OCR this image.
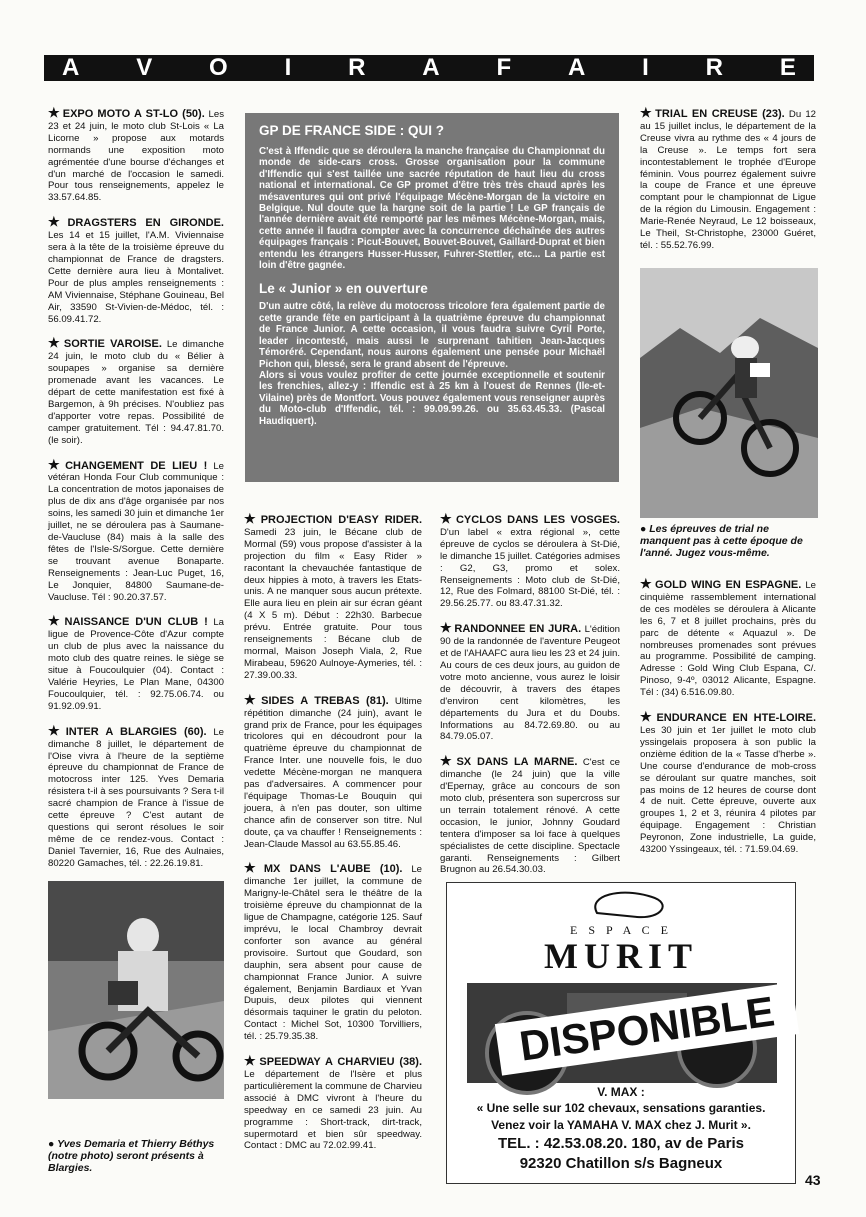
A V O I R A F A I R E
★ EXPO MOTO A ST-LO (50). Les 23 et 24 juin, le moto club St-Lois « La Licorne » propose aux motards normands une exposition moto agrémentée d'une bourse d'échanges et d'un marché de l'occasion le samedi. Pour tous renseignements, appelez le 33.57.64.85.
★ DRAGSTERS EN GIRONDE. Les 14 et 15 juillet, l'A.M. Viviennaise sera à la tête de la troisième épreuve du championnat de France de dragsters. Cette dernière aura lieu à Montalivet. Pour de plus amples renseignements : AM Viviennaise, Stéphane Gouineau, Bel Air, 33590 St-Vivien-de-Médoc, tél. : 56.09.41.72.
★ SORTIE VAROISE. Le dimanche 24 juin, le moto club du « Bélier à soupapes » organise sa dernière promenade avant les vacances. Le départ de cette manifestation est fixé à Bargemon, à 9h précises. N'oubliez pas d'apporter votre repas. Possibilité de camper gratuitement. Tél : 94.47.81.70. (le soir).
★ CHANGEMENT DE LIEU ! Le vétéran Honda Four Club communique : La concentration de motos japonaises de plus de dix ans d'âge organisée par nos soins, les samedi 30 juin et dimanche 1er juillet, ne se déroulera pas à Saumane-de-Vaucluse (84) mais à la salle des fêtes de l'Isle-S/Sorgue. Cette dernière se trouvant avenue Bonaparte. Renseignements : Jean-Luc Puget, 16, Le Jonquier, 84800 Saumane-de-Vaucluse. Tél : 90.20.37.57.
★ NAISSANCE D'UN CLUB ! La ligue de Provence-Côte d'Azur compte un club de plus avec la naissance du moto club des quatre reines. le siège se situe à Foucoulquier (04). Contact : Valérie Heyries, Le Plan Mane, 04300 Foucoulquier, tél. : 92.75.06.74. ou 91.92.09.91.
★ INTER A BLARGIES (60). Le dimanche 8 juillet, le département de l'Oise vivra à l'heure de la septième épreuve du championnat de France de motocross inter 125. Yves Demaria résistera t-il à ses poursuivants ? Sera t-il sacré champion de France à l'issue de cette épreuve ? C'est autant de questions qui seront résolues le soir même de ce rendez-vous. Contact : Daniel Tavernier, 16, Rue des Aulnaies, 80220 Gamaches, tél. : 22.26.19.81.
GP DE FRANCE SIDE : QUI ?

C'est à Iffendic que se déroulera la manche française du Championnat du monde de side-cars cross. Grosse organisation pour la commune d'Iffendic qui s'est taillée une sacrée réputation de haut lieu du cross national et international. Ce GP promet d'être très très chaud après les mésaventures qui ont privé l'équipage Mécène-Morgan de la victoire en Belgique. Nul doute que la hargne soit de la partie ! Le GP français de l'année dernière avait été remporté par les mêmes Mécène-Morgan, mais, cette année il faudra compter avec la concurrence déchaînée des autres équipages français : Picut-Bouvet, Bouvet-Bouvet, Gaillard-Duprat et bien entendu les étrangers Husser-Husser, Fuhrer-Stettler, etc... La partie est loin d'être gagnée.

Le « Junior » en ouverture

D'un autre côté, la relève du motocross tricolore fera également partie de cette grande fête en participant à la quatrième épreuve du championnat de France Junior. A cette occasion, il vous faudra suivre Cyril Porte, leader incontesté, mais aussi le surprenant tahitien Jean-Jacques Témoréré. Cependant, nous aurons également une pensée pour Michaël Pichon qui, blessé, sera le grand absent de l'épreuve.
Alors si vous voulez profiter de cette journée exceptionnelle et soutenir les frenchies, allez-y : Iffendic est à 25 km à l'ouest de Rennes (Ile-et-Vilaine) près de Montfort. Vous pouvez également vous renseigner auprès du Moto-club d'Iffendic, tél. : 99.09.99.26. ou 35.63.45.33. (Pascal Haudiquert).

★ PROJECTION D'EASY RIDER. Samedi 23 juin, le Bécane club de Mormal (59) vous propose d'assister à la projection du film « Easy Rider » racontant la chevauchée fantastique de deux hippies à moto, à travers les Etats-unis. A ne manquer sous aucun prétexte. Elle aura lieu en plein air sur écran géant (4 X 5 m). Début : 22h30. Barbecue prévu. Entrée gratuite. Pour tous renseignements : Bécane club de mormal, Maison Joseph Viala, 2, Rue Mirabeau, 59620 Aulnoye-Aymeries, tél. : 27.39.00.33.
★ SIDES A TREBAS (81). Ultime répétition dimanche (24 juin), avant le grand prix de France, pour les équipages tricolores qui en découdront pour la quatrième épreuve du championnat de France Inter. une nouvelle fois, le duo vedette Mécène-morgan ne manquera pas d'adversaires. A commencer pour l'équipage Thomas-Le Bouquin qui jouera, à n'en pas douter, son ultime chance afin de conserver son titre. Nul doute, ça va chauffer ! Renseignements : Jean-Claude Massol au 63.55.85.46.
★ MX DANS L'AUBE (10). Le dimanche 1er juillet, la commune de Marigny-le-Châtel sera le théâtre de la troisième épreuve du championnat de la ligue de Champagne, catégorie 125. Sauf imprévu, le local Chambroy devrait conforter son avance au général provisoire. Surtout que Goudard, son dauphin, sera absent pour cause de championnat France Junior. A suivre également, Benjamin Bardiaux et Yvan Dupuis, deux pilotes qui viennent désormais taquiner le gratin du peloton. Contact : Michel Sot, 10300 Torvilliers, tél. : 25.79.35.38.
★ SPEEDWAY A CHARVIEU (38). Le département de l'Isère et plus particulièrement la commune de Charvieu associé à DMC vivront à l'heure du speedway en ce samedi 23 juin. Au programme : Short-track, dirt-track, supermotard et bien sûr speedway. Contact : DMC au 72.02.99.41.
★ CYCLOS DANS LES VOSGES. D'un label « extra régional », cette épreuve de cyclos se déroulera à St-Dié, le dimanche 15 juillet. Catégories admises : G2, G3, promo et solex. Renseignements : Moto club de St-Dié, 12, Rue des Folmard, 88100 St-Dié, tél. : 29.56.25.77. ou 83.47.31.32.
★ RANDONNEE EN JURA. L'édition 90 de la randonnée de l'aventure Peugeot et de l'AHAAFC aura lieu les 23 et 24 juin. Au cours de ces deux jours, au guidon de votre moto ancienne, vous aurez le loisir de découvrir, à travers des étapes d'environ cent kilomètres, les départements du Jura et du Doubs. Informations au 84.72.69.80. ou au 84.79.05.07.
★ SX DANS LA MARNE. C'est ce dimanche (le 24 juin) que la ville d'Epernay, grâce au concours de son moto club, présentera son supercross sur un terrain totalement rénové. A cette occasion, le junior, Johnny Goudard tentera d'imposer sa loi face à quelques spécialistes de cette discipline. Spectacle garanti. Renseignements : Gilbert Brugnon au 26.54.30.03.
★ TRIAL EN CREUSE (23). Du 12 au 15 juillet inclus, le département de la Creuse vivra au rythme des « 4 jours de la Creuse ». Le temps fort sera incontestablement le trophée d'Europe féminin. Vous pourrez également suivre la coupe de France et une épreuve comptant pour le championnat de Ligue de la région du Limousin. Engagement : Marie-Renée Neyraud, Le 12 boisseaux, Le Theil, St-Christophe, 23000 Guéret, tél. : 55.52.76.99.
● Les épreuves de trial ne manquent pas à cette époque de l'anné. Jugez vous-même.
★ GOLD WING EN ESPAGNE. Le cinquième rassemblement international de ces modèles se déroulera à Alicante les 6, 7 et 8 juillet prochains, près du parc de détente « Aquazul ». De nombreuses promenades sont prévues au programme. Possibilité de camping. Adresse : Gold Wing Club Espana, C/. Pinoso, 9-4º, 03012 Alicante, Espagne. Tél : (34) 6.516.09.80.
★ ENDURANCE EN HTE-LOIRE. Les 30 juin et 1er juillet le moto club yssingelais proposera à son public la onzième édition de la « Tasse d'herbe ». Une course d'endurance de mob-cross se déroulant sur quatre manches, soit pas moins de 12 heures de course dont 4 de nuit. Cette épreuve, ouverte aux groupes 1, 2 et 3, réunira 4 pilotes par équipage. Engagement : Christian Peyronon, Zone industrielle, La guide, 43200 Yssingeaux, tél. : 71.59.04.69.
● Yves Demaria et Thierry Béthys (notre photo) seront présents à Blargies.
E S P A C E
MURIT
DISPONIBLE
V. MAX :
« Une selle sur 102 chevaux, sensations garanties.
Venez voir la YAMAHA V. MAX chez J. Murit ».
TEL. : 42.53.08.20. 180, av de Paris
92320 Chatillon s/s Bagneux
43
